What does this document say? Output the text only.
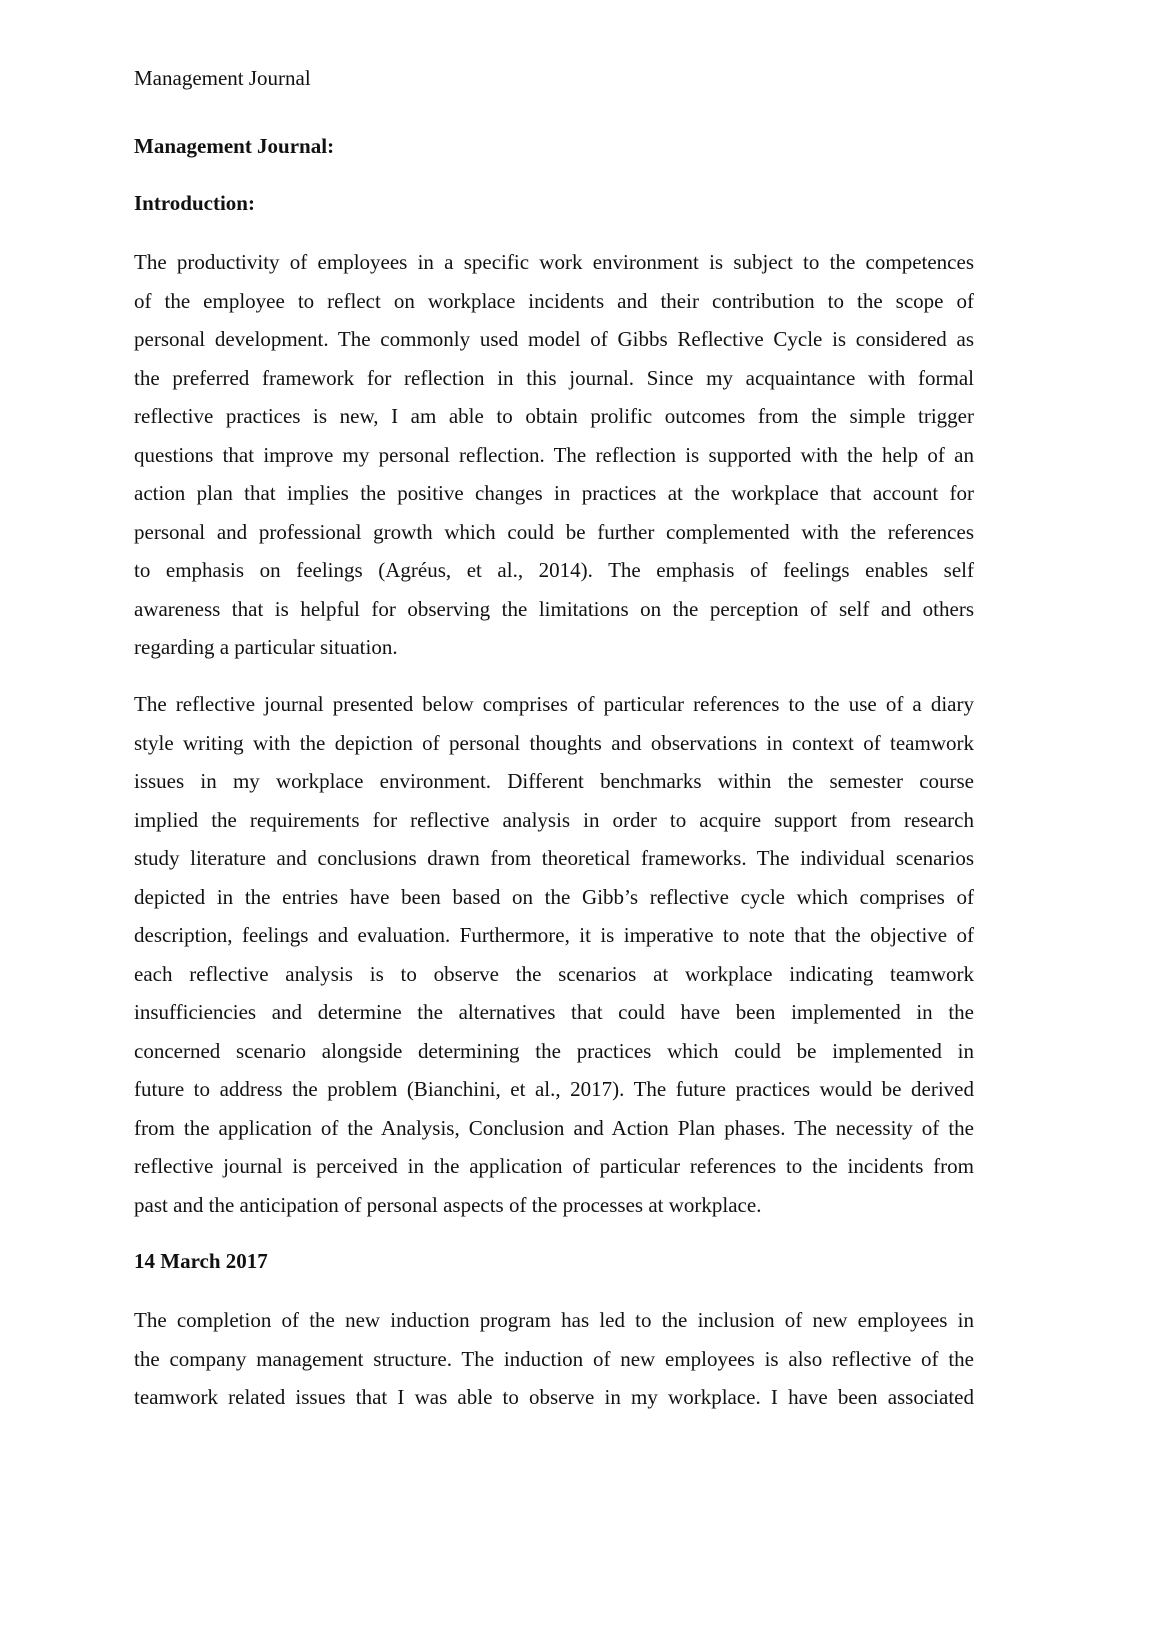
Management Journal
Management Journal:
Introduction:
The productivity of employees in a specific work environment is subject to the competences
of the employee to reflect on workplace incidents and their contribution to the scope of
personal development. The commonly used model of Gibbs Reflective Cycle is considered as
the preferred framework for reflection in this journal. Since my acquaintance with formal
reflective practices is new, I am able to obtain prolific outcomes from the simple trigger
questions that improve my personal reflection. The reflection is supported with the help of an
action plan that implies the positive changes in practices at the workplace that account for
personal and professional growth which could be further complemented with the references
to emphasis on feelings (Agréus, et al., 2014). The emphasis of feelings enables self
awareness that is helpful for observing the limitations on the perception of self and others
regarding a particular situation.
The reflective journal presented below comprises of particular references to the use of a diary
style writing with the depiction of personal thoughts and observations in context of teamwork
issues in my workplace environment. Different benchmarks within the semester course
implied the requirements for reflective analysis in order to acquire support from research
study literature and conclusions drawn from theoretical frameworks. The individual scenarios
depicted in the entries have been based on the Gibb’s reflective cycle which comprises of
description, feelings and evaluation. Furthermore, it is imperative to note that the objective of
each reflective analysis is to observe the scenarios at workplace indicating teamwork
insufficiencies and determine the alternatives that could have been implemented in the
concerned scenario alongside determining the practices which could be implemented in
future to address the problem (Bianchini, et al., 2017). The future practices would be derived
from the application of the Analysis, Conclusion and Action Plan phases. The necessity of the
reflective journal is perceived in the application of particular references to the incidents from
past and the anticipation of personal aspects of the processes at workplace.
14 March 2017
The completion of the new induction program has led to the inclusion of new employees in
the company management structure. The induction of new employees is also reflective of the
teamwork related issues that I was able to observe in my workplace. I have been associated
